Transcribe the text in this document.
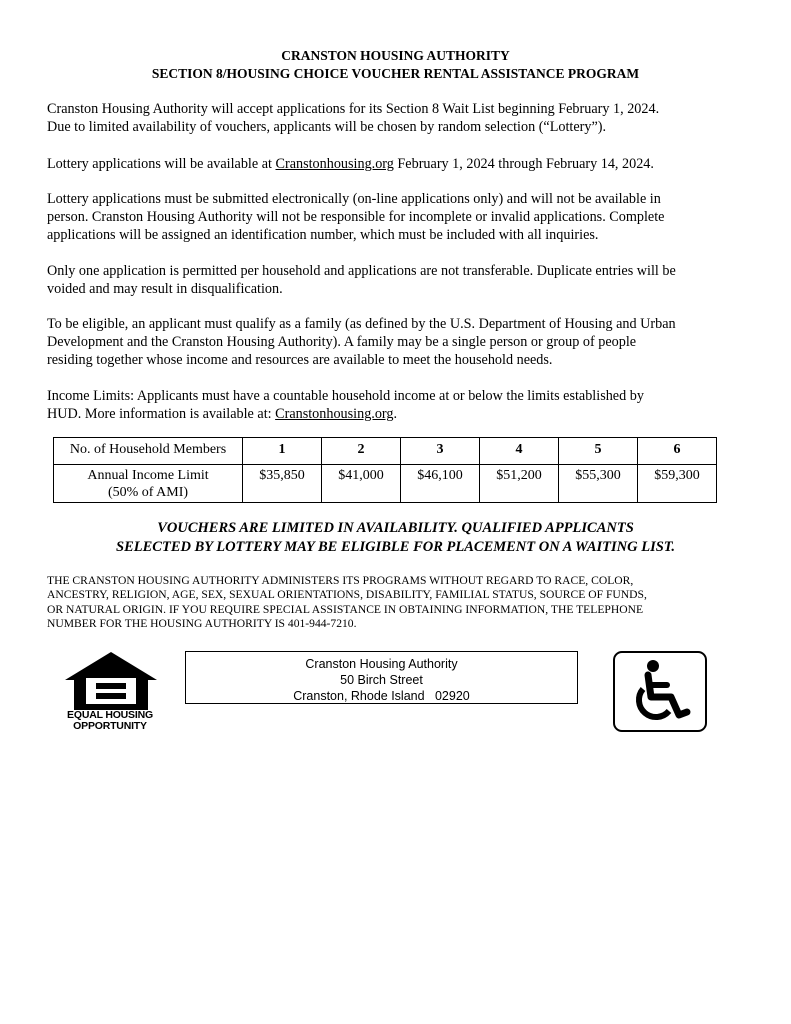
CRANSTON HOUSING AUTHORITY
SECTION 8/HOUSING CHOICE VOUCHER RENTAL ASSISTANCE PROGRAM
Cranston Housing Authority will accept applications for its Section 8 Wait List beginning February 1, 2024.
Due to limited availability of vouchers, applicants will be chosen by random selection (“Lottery”).
Lottery applications will be available at Cranstonhousing.org February 1, 2024 through February 14, 2024.
Lottery applications must be submitted electronically (on-line applications only) and will not be available in
person. Cranston Housing Authority will not be responsible for incomplete or invalid applications. Complete
applications will be assigned an identification number, which must be included with all inquiries.
Only one application is permitted per household and applications are not transferable. Duplicate entries will be
voided and may result in disqualification.
To be eligible, an applicant must qualify as a family (as defined by the U.S. Department of Housing and Urban
Development and the Cranston Housing Authority). A family may be a single person or group of people
residing together whose income and resources are available to meet the household needs.
Income Limits: Applicants must have a countable household income at or below the limits established by
HUD. More information is available at: Cranstonhousing.org.
No. of Household Members	1	2	3	4	5	6

Annual Income Limit
(50% of AMI)	$35,850	$41,000	$46,100	$51,200	$55,300	$59,300
VOUCHERS ARE LIMITED IN AVAILABILITY. QUALIFIED APPLICANTS
SELECTED BY LOTTERY MAY BE ELIGIBLE FOR PLACEMENT ON A WAITING LIST.
THE CRANSTON HOUSING AUTHORITY ADMINISTERS ITS PROGRAMS WITHOUT REGARD TO RACE, COLOR,
ANCESTRY, RELIGION, AGE, SEX, SEXUAL ORIENTATIONS, DISABILITY, FAMILIAL STATUS, SOURCE OF FUNDS,
OR NATURAL ORIGIN. IF YOU REQUIRE SPECIAL ASSISTANCE IN OBTAINING INFORMATION, THE TELEPHONE
NUMBER FOR THE HOUSING AUTHORITY IS 401-944-7210.
EQUAL HOUSING
OPPORTUNITY
Cranston Housing Authority
50 Birch Street
Cranston, Rhode Island   02920
